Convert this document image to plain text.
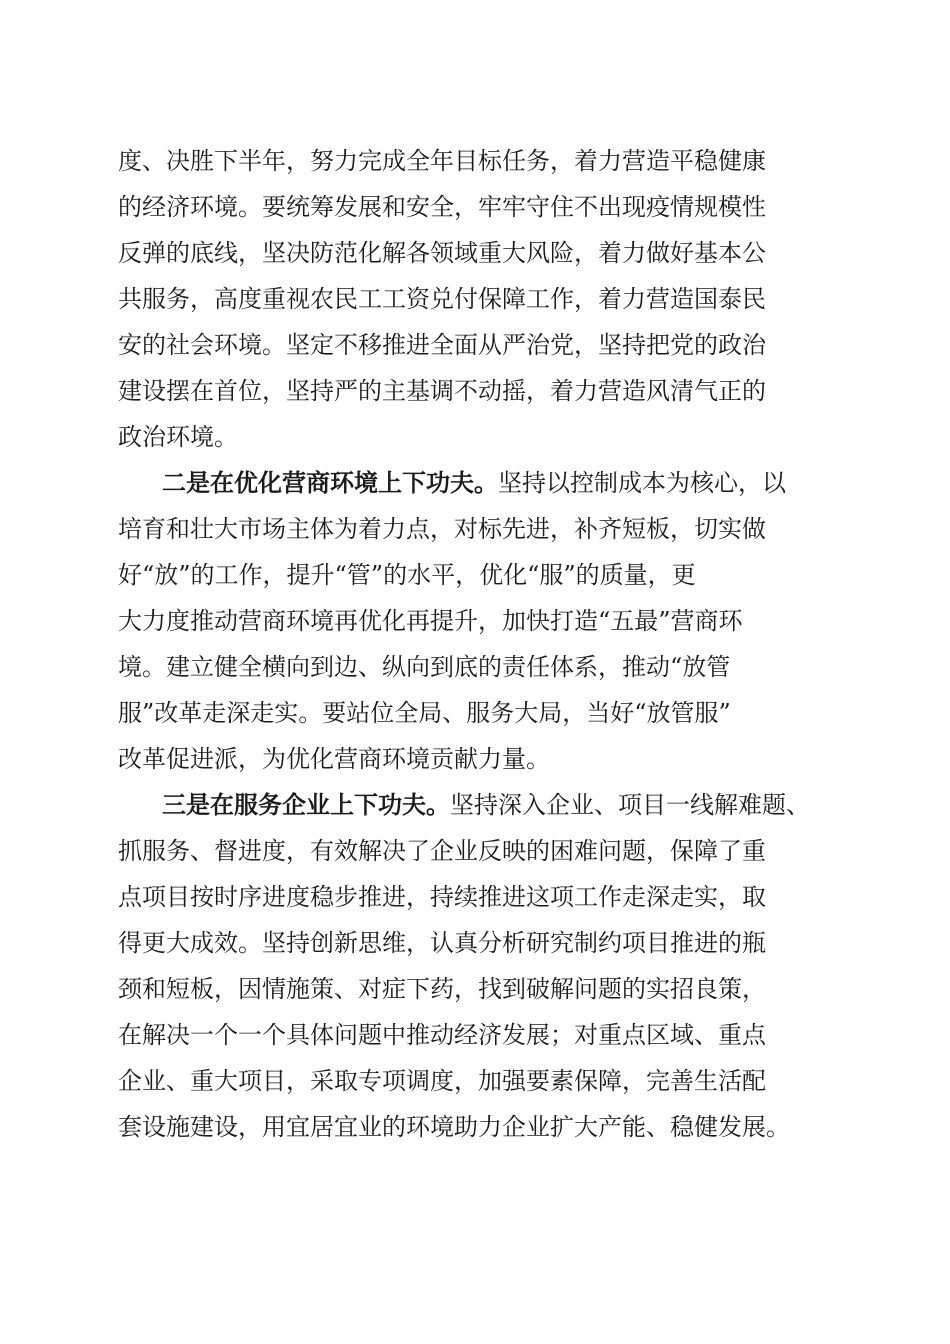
度、决胜下半年，努力完成全年目标任务，着力营造平稳健康
的经济环境。要统筹发展和安全，牢牢守住不出现疫情规模性
反弹的底线，坚决防范化解各领域重大风险，着力做好基本公
共服务，高度重视农民工工资兑付保障工作，着力营造国泰民
安的社会环境。坚定不移推进全面从严治党，坚持把党的政治
建设摆在首位，坚持严的主基调不动摇，着力营造风清气正的
政治环境。
二是在优化营商环境上下功夫。坚持以控制成本为核心，以
培育和壮大市场主体为着力点，对标先进，补齐短板，切实做
好“放”的工作，提升“管”的水平，优化“服”的质量，更
大力度推动营商环境再优化再提升，加快打造“五最”营商环
境。建立健全横向到边、纵向到底的责任体系，推动“放管
服”改革走深走实。要站位全局、服务大局，当好“放管服”
改革促进派，为优化营商环境贡献力量。
三是在服务企业上下功夫。坚持深入企业、项目一线解难题、
抓服务、督进度，有效解决了企业反映的困难问题，保障了重
点项目按时序进度稳步推进，持续推进这项工作走深走实，取
得更大成效。坚持创新思维，认真分析研究制约项目推进的瓶
颈和短板，因情施策、对症下药，找到破解问题的实招良策，
在解决一个一个具体问题中推动经济发展；对重点区域、重点
企业、重大项目，采取专项调度，加强要素保障，完善生活配
套设施建设，用宜居宜业的环境助力企业扩大产能、稳健发展。
